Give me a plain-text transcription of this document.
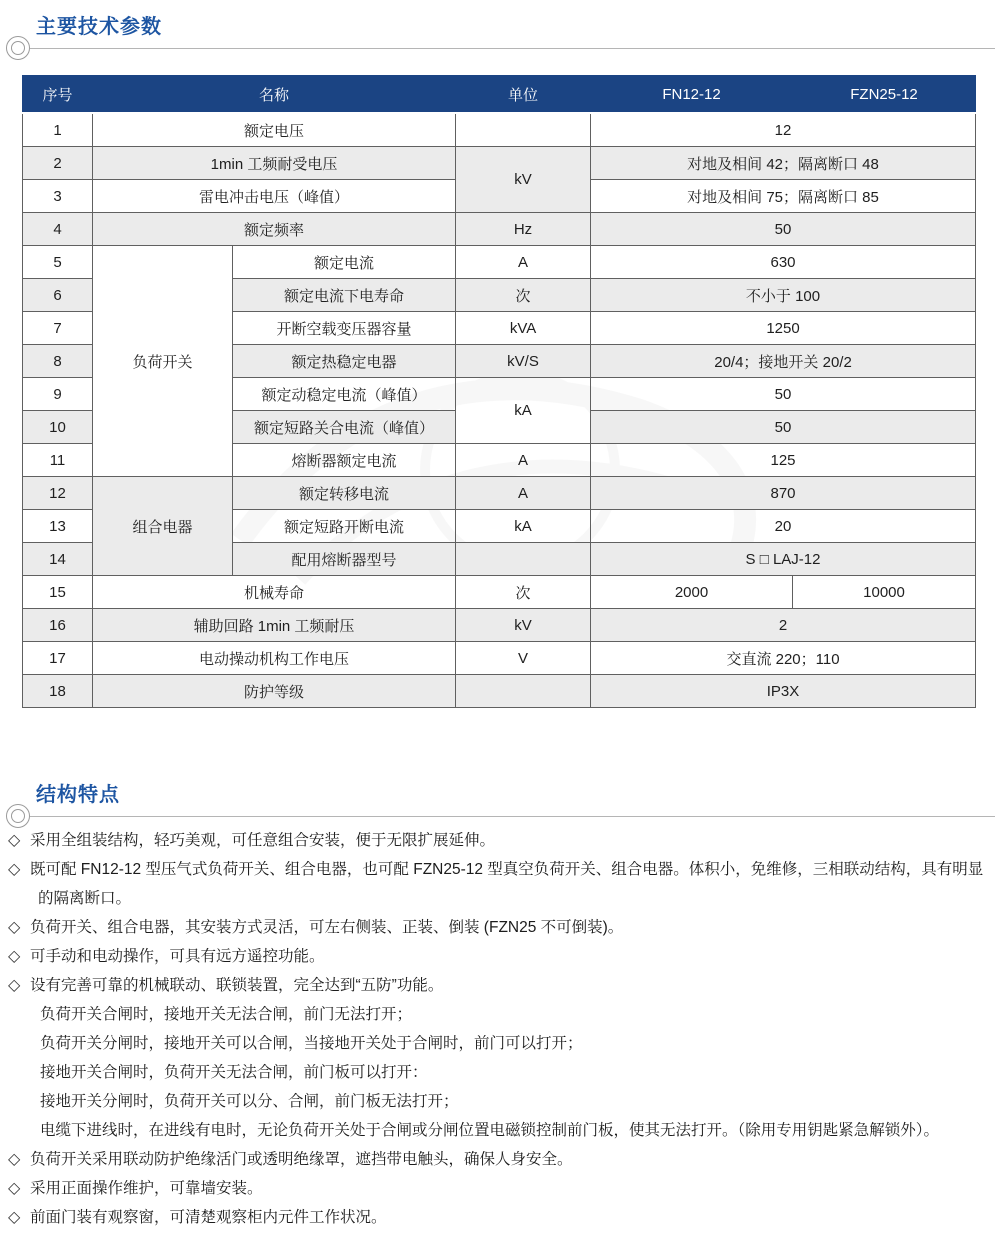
主要技术参数
序号	名称		单位	FN12-12	FZN25-12
1	额定电压			12	
2	1min 工频耐受电压		kV	对地及相间 42；隔离断口 48	
3	雷电冲击电压（峰值）			对地及相间 75；隔离断口 85	
4	额定频率		Hz	50	
5	负荷开关	额定电流	A	630	
6		额定电流下电寿命	次	不小于 100	
7		开断空载变压器容量	kVA	1250	
8		额定热稳定电器	kV/S	20/4；接地开关 20/2	
9		额定动稳定电流（峰值）	kA	50	
10		额定短路关合电流（峰值）		50	
11		熔断器额定电流	A	125	
12	组合电器	额定转移电流	A	870	
13		额定短路开断电流	kA	20	
14		配用熔断器型号		S □ LAJ-12	
15	机械寿命		次	2000	10000
16	辅助回路 1min 工频耐压		kV	2	
17	电动操动机构工作电压		V	交直流 220；110	
18	防护等级			IP3X	
结构特点
◇ 采用全组装结构，轻巧美观，可任意组合安装，便于无限扩展延伸。
◇ 既可配 FN12-12 型压气式负荷开关、组合电器，也可配 FZN25-12 型真空负荷开关、组合电器。体积小，免维修，三相联动结构，具有明显的隔离断口。
◇ 负荷开关、组合电器，其安装方式灵活，可左右侧装、正装、倒装 (FZN25 不可倒装)。
◇ 可手动和电动操作，可具有远方遥控功能。
◇ 设有完善可靠的机械联动、联锁装置，完全达到“五防”功能。
负荷开关合闸时，接地开关无法合闸，前门无法打开；
负荷开关分闸时，接地开关可以合闸，当接地开关处于合闸时，前门可以打开；
接地开关合闸时，负荷开关无法合闸，前门板可以打开：
接地开关分闸时，负荷开关可以分、合闸，前门板无法打开；
电缆下进线时，在进线有电时，无论负荷开关处于合闸或分闸位置电磁锁控制前门板，使其无法打开。（除用专用钥匙紧急解锁外）。
◇ 负荷开关采用联动防护绝缘活门或透明绝缘罩，遮挡带电触头，确保人身安全。
◇ 采用正面操作维护，可靠墙安装。
◇ 前面门装有观察窗，可清楚观察柜内元件工作状况。
